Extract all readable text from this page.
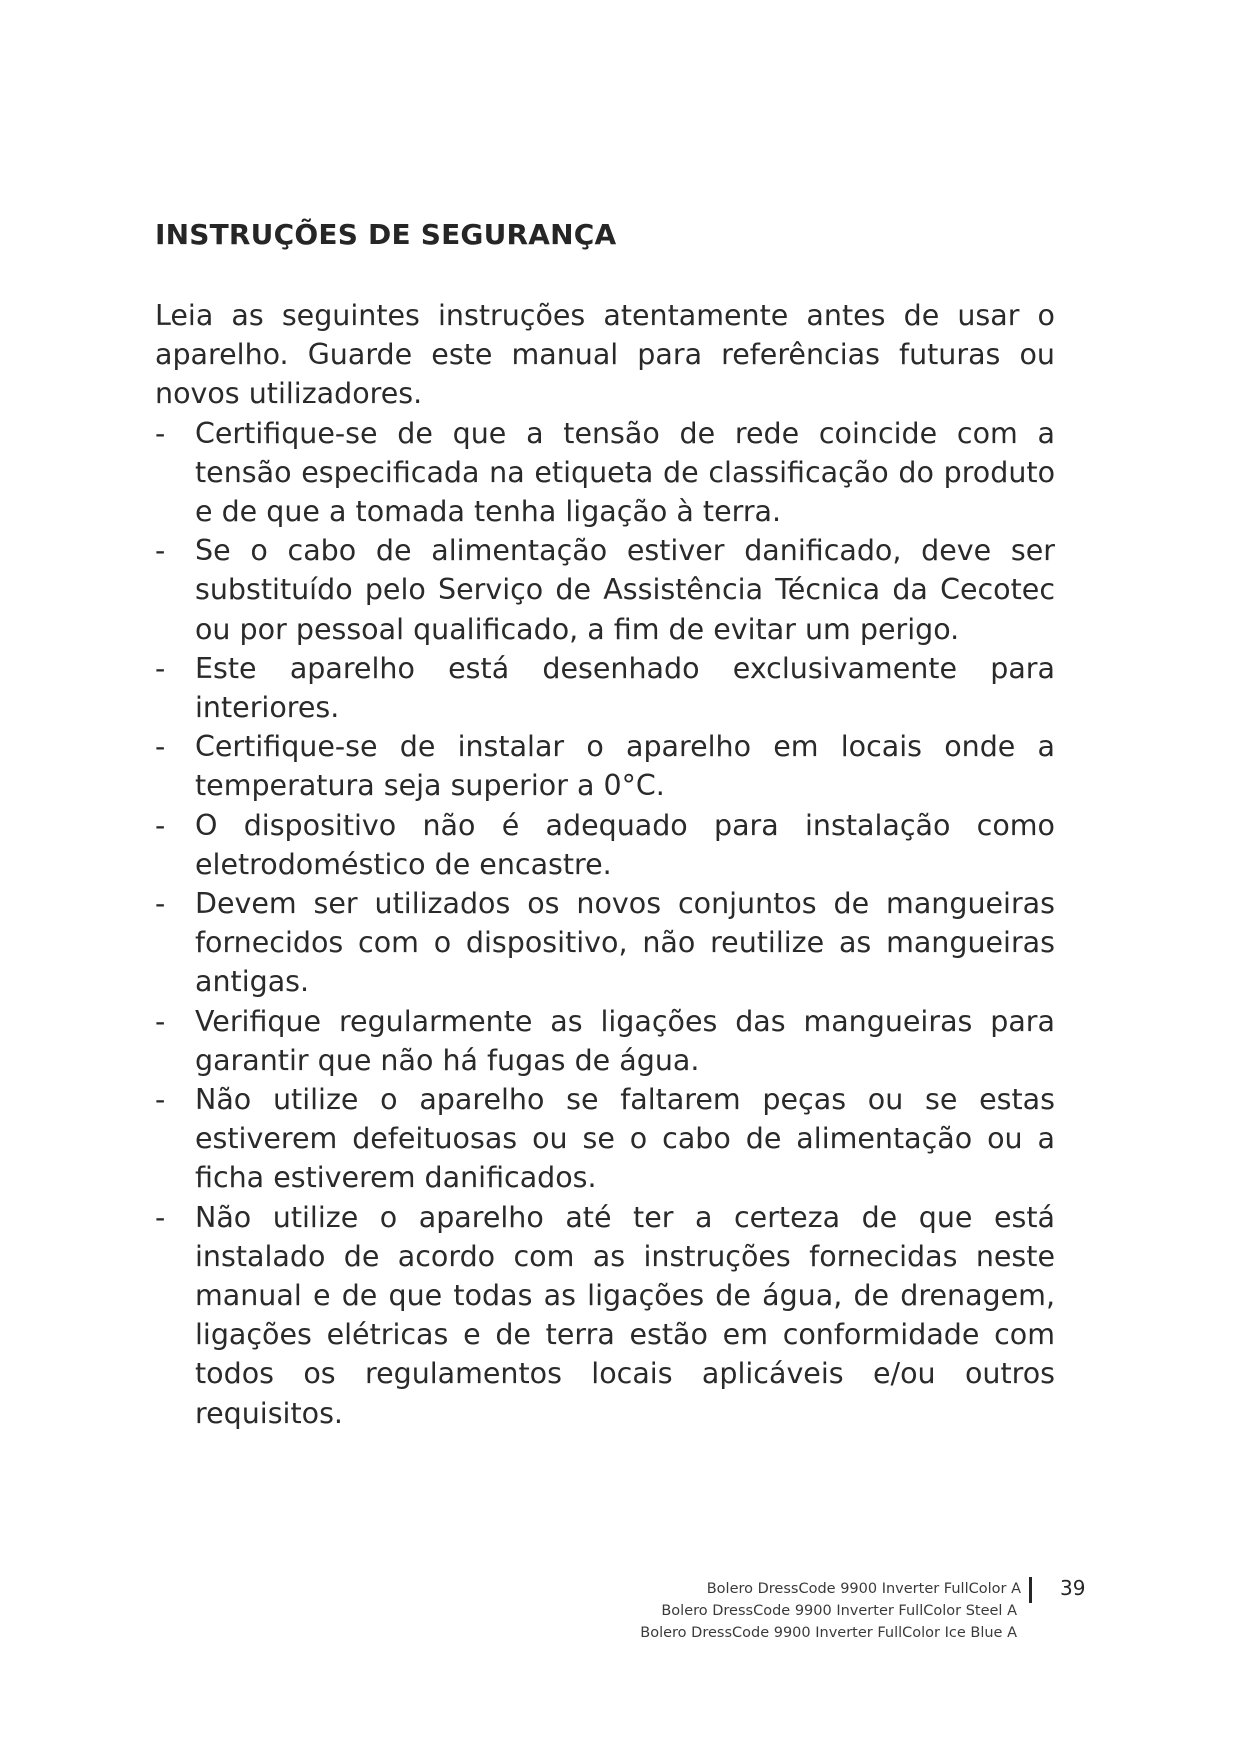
INSTRUÇÕES DE SEGURANÇA

Leia as seguintes instruções atentamente antes de usar o aparelho. Guarde este manual para referências futuras ou novos utilizadores.

- Certifique-se de que a tensão de rede coincide com a tensão especificada na etiqueta de classificação do produto e de que a tomada tenha ligação à terra.
- Se o cabo de alimentação estiver danificado, deve ser substituído pelo Serviço de Assistência Técnica da Cecotec ou por pessoal qualificado, a fim de evitar um perigo.
- Este aparelho está desenhado exclusivamente para interiores.
- Certifique-se de instalar o aparelho em locais onde a temperatura seja superior a 0°C.
- O dispositivo não é adequado para instalação como eletrodoméstico de encastre.
- Devem ser utilizados os novos conjuntos de mangueiras fornecidos com o dispositivo, não reutilize as mangueiras antigas.
- Verifique regularmente as ligações das mangueiras para garantir que não há fugas de água.
- Não utilize o aparelho se faltarem peças ou se estas estiverem defeituosas ou se o cabo de alimentação ou a ficha estiverem danificados.
- Não utilize o aparelho até ter a certeza de que está instalado de acordo com as instruções fornecidas neste manual e de que todas as ligações de água, de drenagem, ligações elétricas e de terra estão em conformidade com todos os regulamentos locais aplicáveis e/ou outros requisitos.
Bolero DressCode 9900 Inverter FullColor A
Bolero DressCode 9900 Inverter FullColor Steel A
Bolero DressCode 9900 Inverter FullColor Ice Blue A
39
